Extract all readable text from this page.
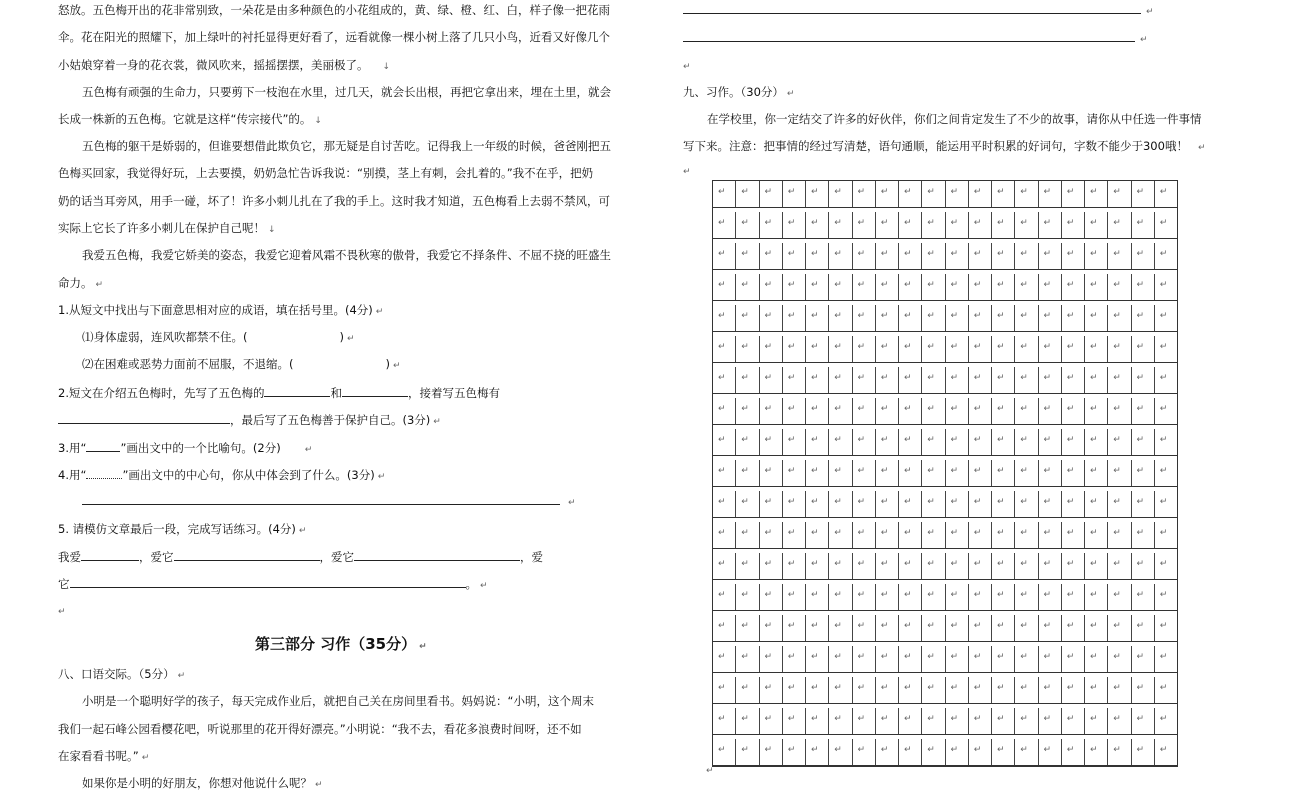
怒放。五色梅开出的花非常别致，一朵花是由多种颜色的小花组成的，黄、绿、橙、红、白，样子像一把花雨
伞。花在阳光的照耀下，加上绿叶的衬托显得更好看了，远看就像一棵小树上落了几只小鸟，近看又好像几个
小姑娘穿着一身的花衣裳，微风吹来，摇摇摆摆，美丽极了。 ↓
五色梅有顽强的生命力，只要剪下一枝泡在水里，过几天，就会长出根，再把它拿出来，埋在土里，就会
长成一株新的五色梅。它就是这样“传宗接代”的。 ↓
五色梅的躯干是娇弱的，但谁要想借此欺负它，那无疑是自讨苦吃。记得我上一年级的时候，爸爸刚把五
色梅买回家，我觉得好玩，上去要摸，奶奶急忙告诉我说：“别摸，茎上有刺，会扎着的。”我不在乎，把奶
奶的话当耳旁风，用手一碰，坏了！许多小刺儿扎在了我的手上。这时我才知道，五色梅看上去弱不禁风，可
实际上它长了许多小刺儿在保护自己呢！ ↓
我爱五色梅，我爱它娇美的姿态，我爱它迎着风霜不畏秋寒的傲骨，我爱它不择条件、不屈不挠的旺盛生
命力。 ↵
1.从短文中找出与下面意思相对应的成语，填在括号里。(4分) ↵
⑴身体虚弱，连风吹都禁不住。(	) ↵
⑵在困难或恶势力面前不屈服，不退缩。(	) ↵
2.短文在介绍五色梅时，先写了五色梅的	和	，接着写五色梅有
，最后写了五色梅善于保护自己。(3分) ↵
3.用“	”画出文中的一个比喻句。(2分)	↵
4.用“	”画出文中的中心句，你从中体会到了什么。(3分) ↵
↵
5. 请模仿文章最后一段，完成写话练习。(4分) ↵
我爱	，爱它	，爱它	，爱
它	。 ↵
↵
第三部分 习作（35分） ↵
八、口语交际。（5分） ↵
小明是一个聪明好学的孩子，每天完成作业后，就把自己关在房间里看书。妈妈说：“小明，这个周末
我们一起石峰公园看樱花吧，听说那里的花开得好漂亮。”小明说：“我不去，看花多浪费时间呀，还不如
在家看看书呢。” ↵
如果你是小明的好朋友，你想对他说什么呢？ ↵
↵
↵
↵
九、习作。（30分） ↵
在学校里，你一定结交了许多的好伙伴，你们之间肯定发生了不少的故事，请你从中任选一件事情
写下来。注意：把事情的经过写清楚，语句通顺，能运用平时积累的好词句，字数不能少于300哦！ ↵
↵
↵
↵
↵
↵
↵
↵
↵
↵
↵
↵
↵
↵
↵
↵
↵
↵
↵
↵
↵
↵
↵
↵
↵
↵
↵
↵
↵
↵
↵
↵
↵
↵
↵
↵
↵
↵
↵
↵
↵
↵
↵
↵
↵
↵
↵
↵
↵
↵
↵
↵
↵
↵
↵
↵
↵
↵
↵
↵
↵
↵
↵
↵
↵
↵
↵
↵
↵
↵
↵
↵
↵
↵
↵
↵
↵
↵
↵
↵
↵
↵
↵
↵
↵
↵
↵
↵
↵
↵
↵
↵
↵
↵
↵
↵
↵
↵
↵
↵
↵
↵
↵
↵
↵
↵
↵
↵
↵
↵
↵
↵
↵
↵
↵
↵
↵
↵
↵
↵
↵
↵
↵
↵
↵
↵
↵
↵
↵
↵
↵
↵
↵
↵
↵
↵
↵
↵
↵
↵
↵
↵
↵
↵
↵
↵
↵
↵
↵
↵
↵
↵
↵
↵
↵
↵
↵
↵
↵
↵
↵
↵
↵
↵
↵
↵
↵
↵
↵
↵
↵
↵
↵
↵
↵
↵
↵
↵
↵
↵
↵
↵
↵
↵
↵
↵
↵
↵
↵
↵
↵
↵
↵
↵
↵
↵
↵
↵
↵
↵
↵
↵
↵
↵
↵
↵
↵
↵
↵
↵
↵
↵
↵
↵
↵
↵
↵
↵
↵
↵
↵
↵
↵
↵
↵
↵
↵
↵
↵
↵
↵
↵
↵
↵
↵
↵
↵
↵
↵
↵
↵
↵
↵
↵
↵
↵
↵
↵
↵
↵
↵
↵
↵
↵
↵
↵
↵
↵
↵
↵
↵
↵
↵
↵
↵
↵
↵
↵
↵
↵
↵
↵
↵
↵
↵
↵
↵
↵
↵
↵
↵
↵
↵
↵
↵
↵
↵
↵
↵
↵
↵
↵
↵
↵
↵
↵
↵
↵
↵
↵
↵
↵
↵
↵
↵
↵
↵
↵
↵
↵
↵
↵
↵
↵
↵
↵
↵
↵
↵
↵
↵
↵
↵
↵
↵
↵
↵
↵
↵
↵
↵
↵
↵
↵
↵
↵
↵
↵
↵
↵
↵
↵
↵
↵
↵
↵
↵
↵
↵
↵
↵
↵
↵
↵
↵
↵
↵
↵
↵
↵
↵
↵
↵
↵
↵
↵
↵
↵
↵
↵
↵
↵
↵
↵
↵
↵
↵
↵
↵
↵
↵
↵
↵
